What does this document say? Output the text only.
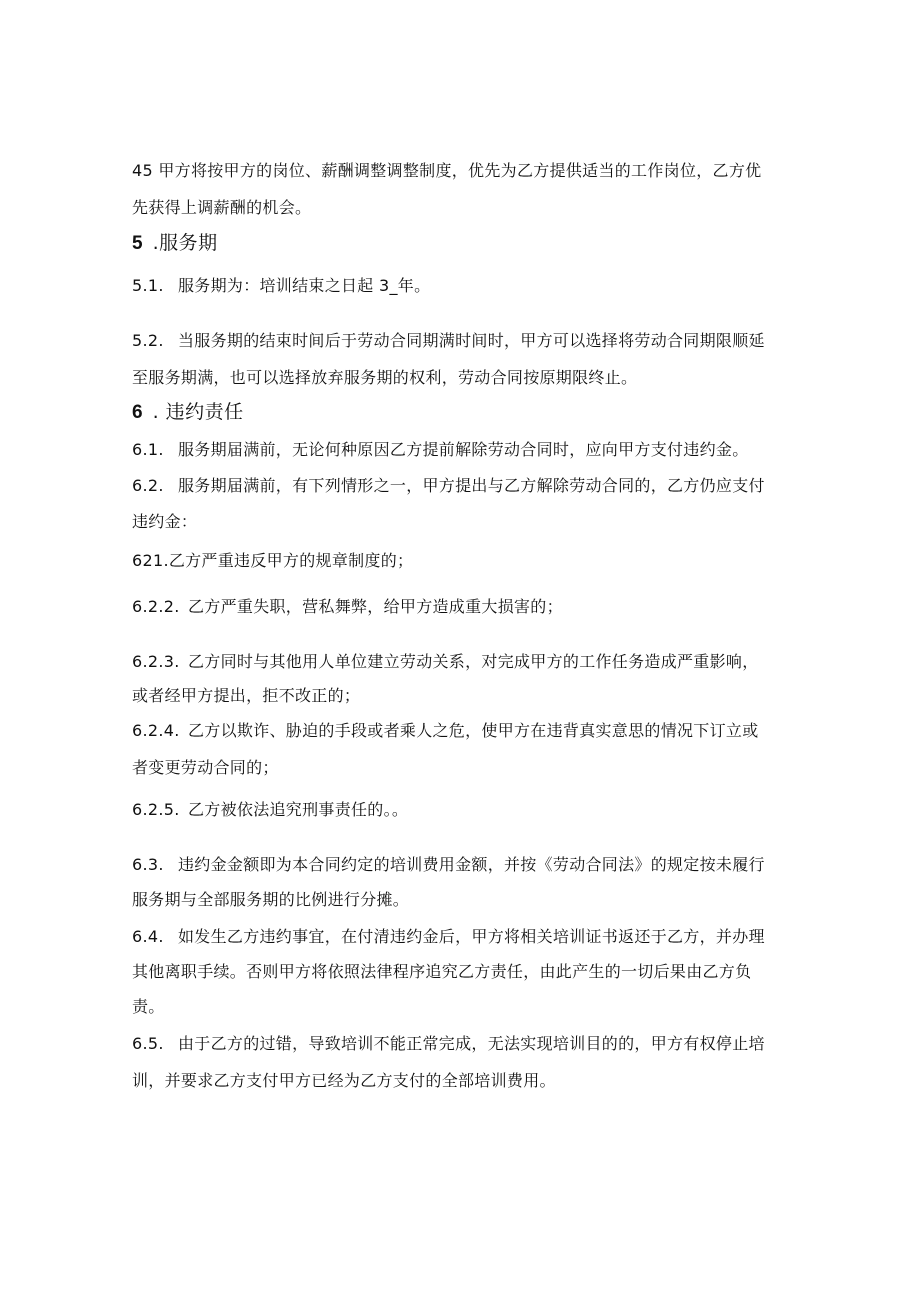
45 甲方将按甲方的岗位、薪酬调整调整制度，优先为乙方提供适当的工作岗位，乙方优
先获得上调薪酬的机会。
5 .服务期
5.1. 服务期为：培训结束之日起 3_年。
5.2. 当服务期的结束时间后于劳动合同期满时间时，甲方可以选择将劳动合同期限顺延
至服务期满，也可以选择放弃服务期的权利，劳动合同按原期限终止。
6 . 违约责任
6.1. 服务期届满前，无论何种原因乙方提前解除劳动合同时，应向甲方支付违约金。
6.2. 服务期届满前，有下列情形之一，甲方提出与乙方解除劳动合同的，乙方仍应支付
违约金：
621.乙方严重违反甲方的规章制度的；
6.2.2. 乙方严重失职，营私舞弊，给甲方造成重大损害的；
6.2.3. 乙方同时与其他用人单位建立劳动关系，对完成甲方的工作任务造成严重影响，
或者经甲方提出，拒不改正的；
6.2.4. 乙方以欺诈、胁迫的手段或者乘人之危，使甲方在违背真实意思的情况下订立或
者变更劳动合同的；
6.2.5. 乙方被依法追究刑事责任的。。
6.3. 违约金金额即为本合同约定的培训费用金额，并按《劳动合同法》的规定按未履行
服务期与全部服务期的比例进行分摊。
6.4. 如发生乙方违约事宜，在付清违约金后，甲方将相关培训证书返还于乙方，并办理
其他离职手续。否则甲方将依照法律程序追究乙方责任，由此产生的一切后果由乙方负
责。
6.5. 由于乙方的过错，导致培训不能正常完成，无法实现培训目的的，甲方有权停止培
训，并要求乙方支付甲方已经为乙方支付的全部培训费用。
